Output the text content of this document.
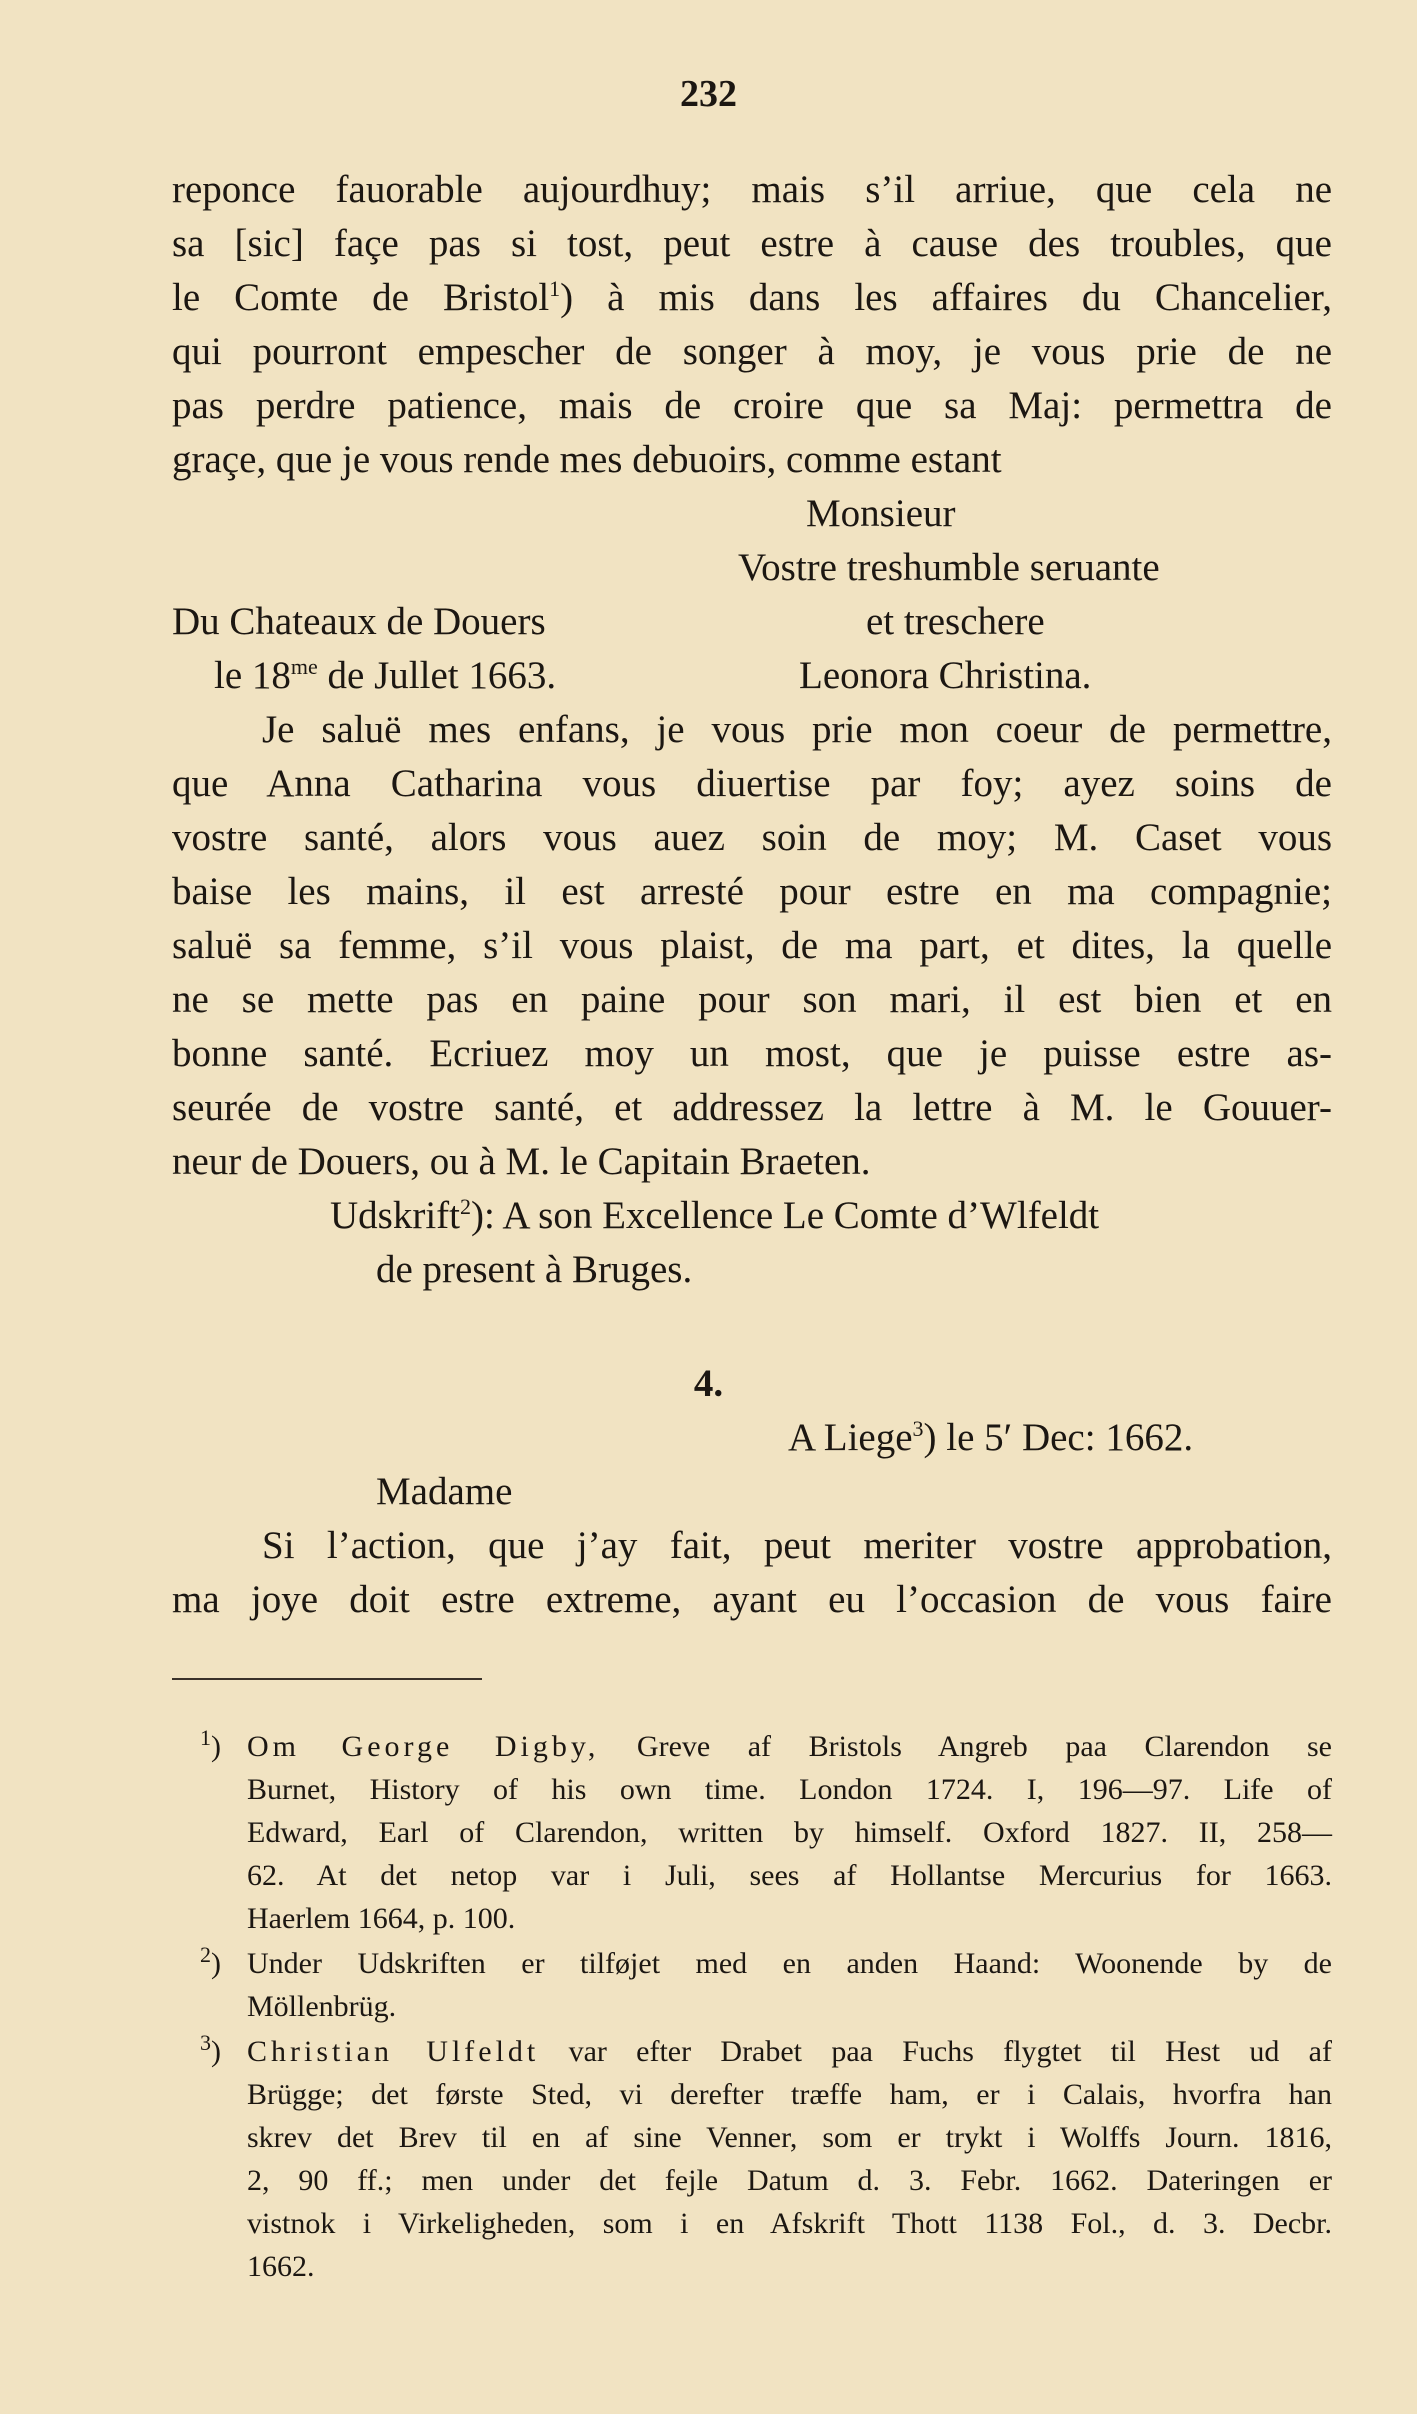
232
reponce fauorable aujourdhuy; mais s’il arriue, que cela ne
sa [sic] façe pas si tost, peut estre à cause des troubles, que
le Comte de Bristol$^1$) à mis dans les affaires du Chancelier,
qui pourront empescher de songer à moy, je vous prie de ne
pas perdre patience, mais de croire que sa Maj: permettra de
graçe, que je vous rende mes debuoirs, comme estant
Monsieur
Vostre treshumble seruante
Du Chateaux de Douers	et treschere
le $18^{me}$ de Jullet 1663.	Leonora Christina.
Je saluë mes enfans, je vous prie mon coeur de permettre,
que Anna Catharina vous diuertise par foy; ayez soins de
vostre santé, alors vous auez soin de moy; M. Caset vous
baise les mains, il est arresté pour estre en ma compagnie;
saluë sa femme, s’il vous plaist, de ma part, et dites, la quelle
ne se mette pas en paine pour son mari, il est bien et en
bonne santé. Ecriuez moy un most, que je puisse estre as-
seurée de vostre santé, et addressez la lettre à M. le Gouuer-
neur de Douers, ou à M. le Capitain Braeten.
Udskrift$^2$): A son Excellence Le Comte d’Wlfeldt
de present à Bruges.
4.
A Liege$^3$) le 5′ Dec: 1662.
Madame
Si l’action, que j’ay fait, peut meriter vostre approbation,
ma joye doit estre extreme, ayant eu l’occasion de vous faire
$^1$) Om George Digby, Greve af Bristols Angreb paa Clarendon se
Burnet, History of his own time. London 1724. I, 196—97. Life of
Edward, Earl of Clarendon, written by himself. Oxford 1827. II, 258—
62. At det netop var i Juli, sees af Hollantse Mercurius for 1663.
Haerlem 1664, p. 100.
$^2$) Under Udskriften er tilføjet med en anden Haand: Woonende by de
Möllenbrüg.
$^3$) Christian Ulfeldt var efter Drabet paa Fuchs flygtet til Hest ud af
Brügge; det første Sted, vi derefter træffe ham, er i Calais, hvorfra han
skrev det Brev til en af sine Venner, som er trykt i Wolffs Journ. 1816,
2, 90 ff.; men under det fejle Datum d. 3. Febr. 1662. Dateringen er
vistnok i Virkeligheden, som i en Afskrift Thott 1138 Fol., d. 3. Decbr.
1662.
